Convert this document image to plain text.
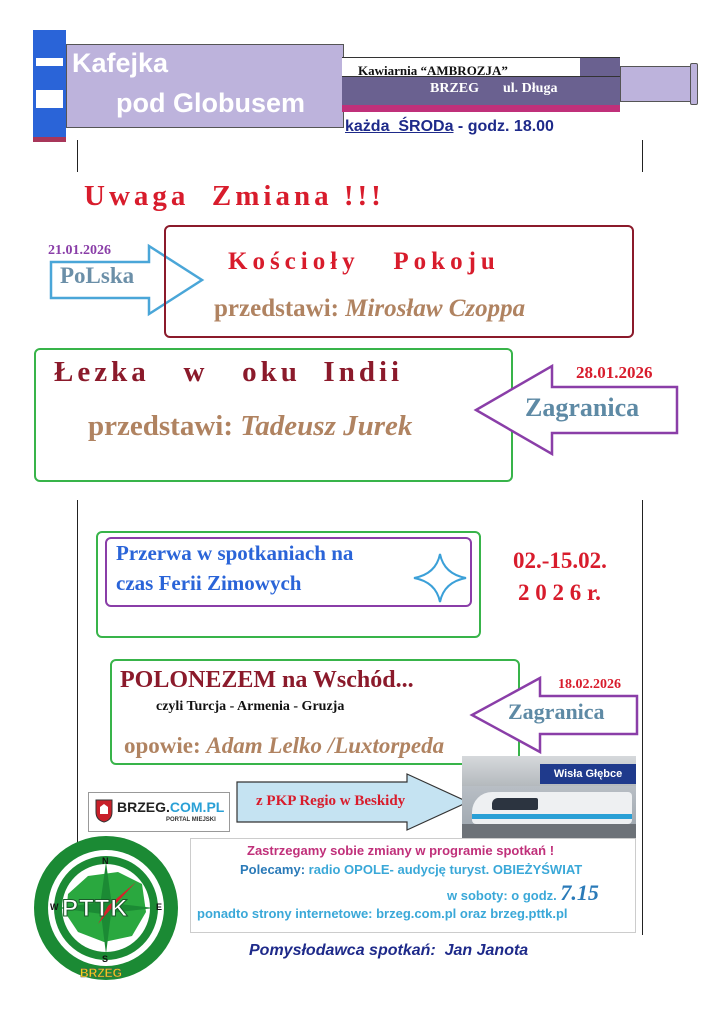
Kafejka
pod Globusem
Kawiarnia “AMBROZJA”
BRZEG ul. Długa
każda  ŚRODa - godz. 18.00
Uwaga  Zmiana !!!
21.01.2026
PoLska
Kościoły   Pokoju
przedstawi: Mirosław Czoppa
Łezka   w   oku  Indii
przedstawi: Tadeusz Jurek
28.01.2026
Zagranica
Przerwa w spotkaniach na
czas Ferii Zimowych
02.-15.02.
2 0 2 6 r.
POLONEZEM na Wschód...
czyli Turcja - Armenia - Gruzja
opowie: Adam Lelko /Luxtorpeda
18.02.2026
Zagranica
BRZEG.COM.PL
PORTAL MIEJSKI
z PKP Regio w Beskidy
Wisła Głębce
Zastrzegamy sobie zmiany w programie spotkań !
Polecamy: radio OPOLE- audycję turyst. OBIEŻYŚWIAT
w soboty: o godz. 7.15
ponadto strony internetowe: brzeg.com.pl oraz brzeg.pttk.pl
PTTK
N
E
S
W
BRZEG
Pomysłodawca spotkań: Jan Janota
